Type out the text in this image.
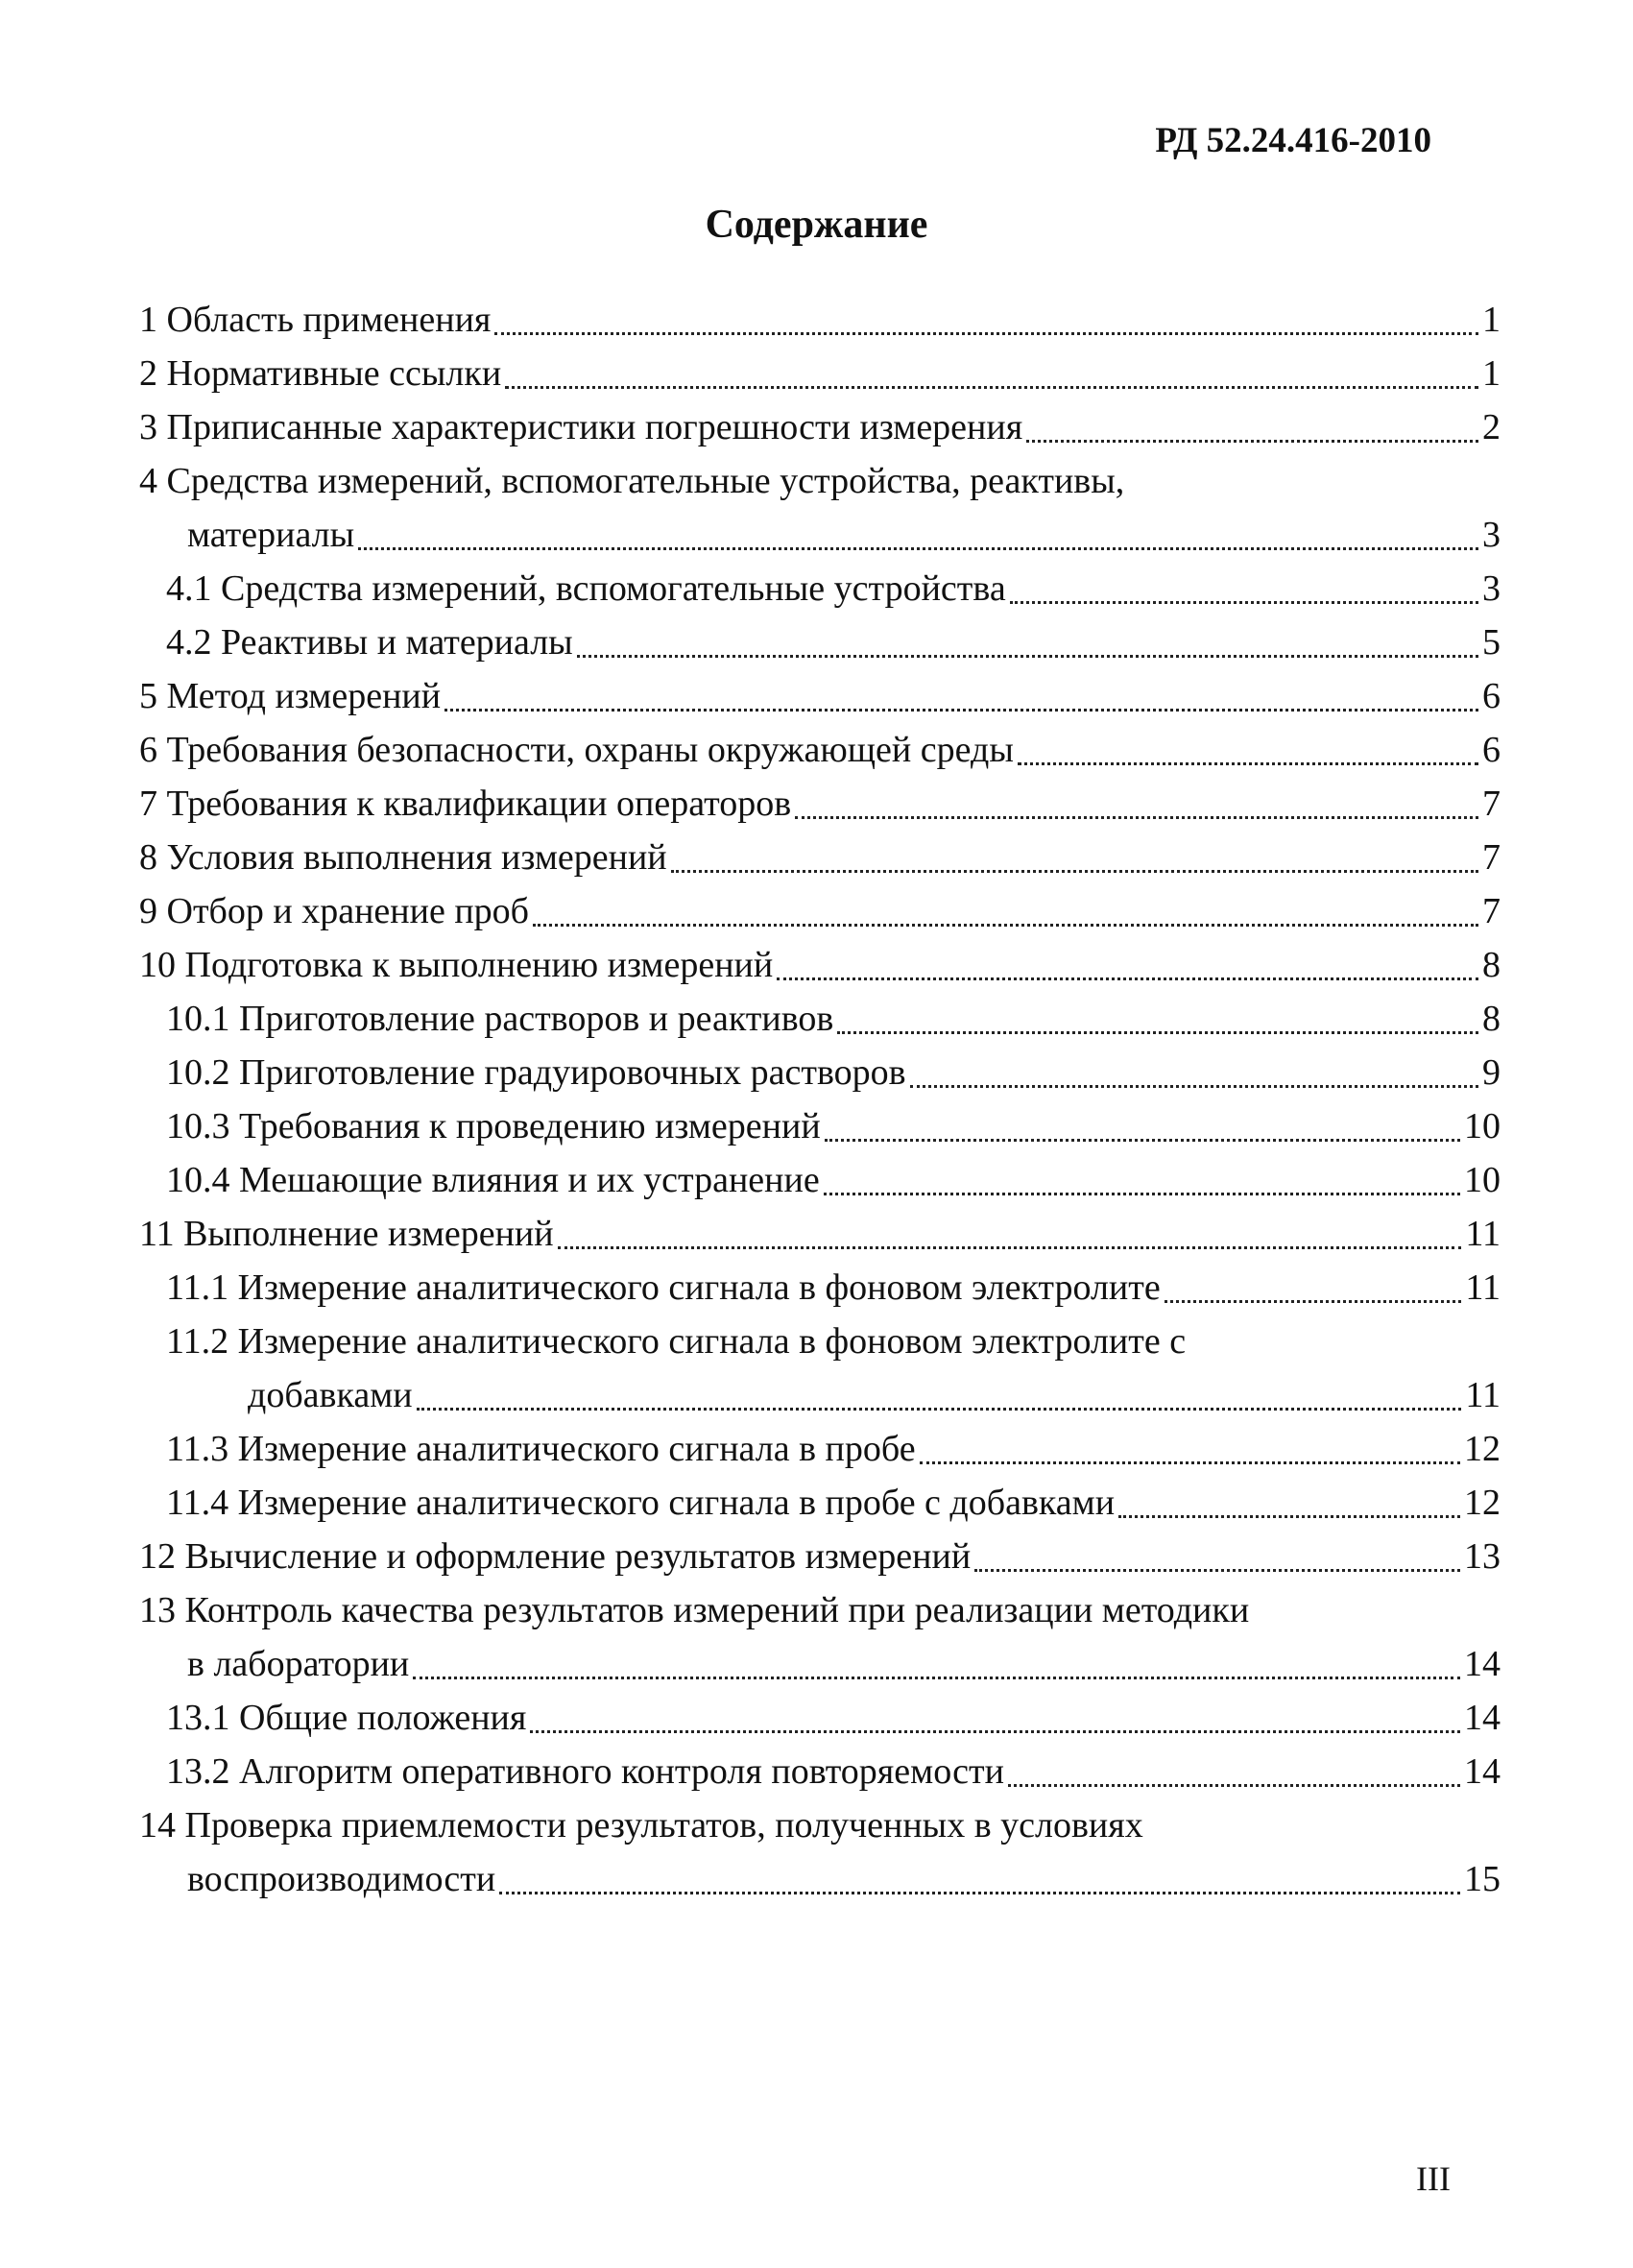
РД 52.24.416-2010

Содержание
1 Область применения	1
2 Нормативные ссылки	1
3 Приписанные характеристики погрешности измерения	2
4 Средства измерений, вспомогательные устройства, реактивы,
материалы	3
4.1 Средства измерений, вспомогательные устройства	3
4.2 Реактивы и материалы	5
5 Метод измерений	6
6 Требования безопасности, охраны окружающей среды	6
7 Требования к квалификации операторов	7
8 Условия выполнения измерений	7
9 Отбор и хранение проб	7
10 Подготовка к выполнению измерений	8
10.1 Приготовление растворов и реактивов	8
10.2 Приготовление градуировочных растворов	9
10.3 Требования к проведению измерений	10
10.4 Мешающие влияния и их устранение	10
11 Выполнение измерений	11
11.1 Измерение аналитического сигнала в фоновом электролите	11
11.2 Измерение аналитического сигнала в фоновом электролите с
добавками	11
11.3 Измерение аналитического сигнала в пробе	12
11.4 Измерение аналитического сигнала в пробе с добавками	12
12 Вычисление и оформление результатов измерений	13
13 Контроль качества результатов измерений при реализации методики
в лаборатории	14
13.1 Общие положения	14
13.2 Алгоритм оперативного контроля повторяемости	14
14 Проверка приемлемости результатов, полученных в условиях
воспроизводимости	15

III
